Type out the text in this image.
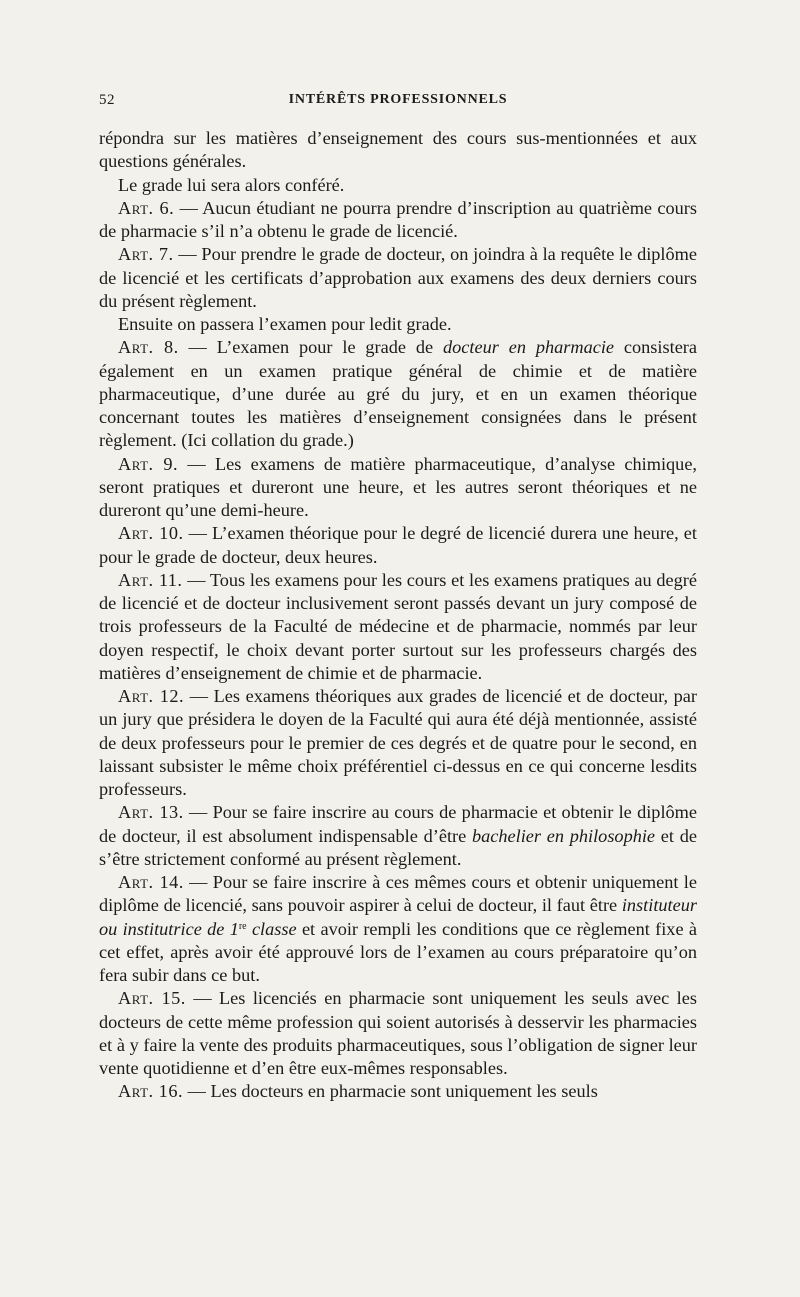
52	INTÉRÊTS PROFESSIONNELS

répondra sur les matières d’enseignement des cours sus-mentionnées et aux questions générales.

Le grade lui sera alors conféré.

Art. 6. — Aucun étudiant ne pourra prendre d’inscription au quatrième cours de pharmacie s’il n’a obtenu le grade de licencié.

Art. 7. — Pour prendre le grade de docteur, on joindra à la requête le diplôme de licencié et les certificats d’approbation aux examens des deux derniers cours du présent règlement.

Ensuite on passera l’examen pour ledit grade.

Art. 8. — L’examen pour le grade de docteur en pharmacie consistera également en un examen pratique général de chimie et de matière pharmaceutique, d’une durée au gré du jury, et en un examen théorique concernant toutes les matières d’enseignement consignées dans le présent règlement. (Ici collation du grade.)

Art. 9. — Les examens de matière pharmaceutique, d’analyse chimique, seront pratiques et dureront une heure, et les autres seront théoriques et ne dureront qu’une demi-heure.

Art. 10. — L’examen théorique pour le degré de licencié durera une heure, et pour le grade de docteur, deux heures.

Art. 11. — Tous les examens pour les cours et les examens pratiques au degré de licencié et de docteur inclusivement seront passés devant un jury composé de trois professeurs de la Faculté de médecine et de pharmacie, nommés par leur doyen respectif, le choix devant porter surtout sur les professeurs chargés des matières d’enseignement de chimie et de pharmacie.

Art. 12. — Les examens théoriques aux grades de licencié et de docteur, par un jury que présidera le doyen de la Faculté qui aura été déjà mentionnée, assisté de deux professeurs pour le premier de ces degrés et de quatre pour le second, en laissant subsister le même choix préférentiel ci-dessus en ce qui concerne lesdits professeurs.

Art. 13. — Pour se faire inscrire au cours de pharmacie et obtenir le diplôme de docteur, il est absolument indispensable d’être bachelier en philosophie et de s’être strictement conformé au présent règlement.

Art. 14. — Pour se faire inscrire à ces mêmes cours et obtenir uniquement le diplôme de licencié, sans pouvoir aspirer à celui de docteur, il faut être instituteur ou institutrice de 1re classe et avoir rempli les conditions que ce règlement fixe à cet effet, après avoir été approuvé lors de l’examen au cours préparatoire qu’on fera subir dans ce but.

Art. 15. — Les licenciés en pharmacie sont uniquement les seuls avec les docteurs de cette même profession qui soient autorisés à desservir les pharmacies et à y faire la vente des produits pharmaceutiques, sous l’obligation de signer leur vente quotidienne et d’en être eux-mêmes responsables.

Art. 16. — Les docteurs en pharmacie sont uniquement les seuls
